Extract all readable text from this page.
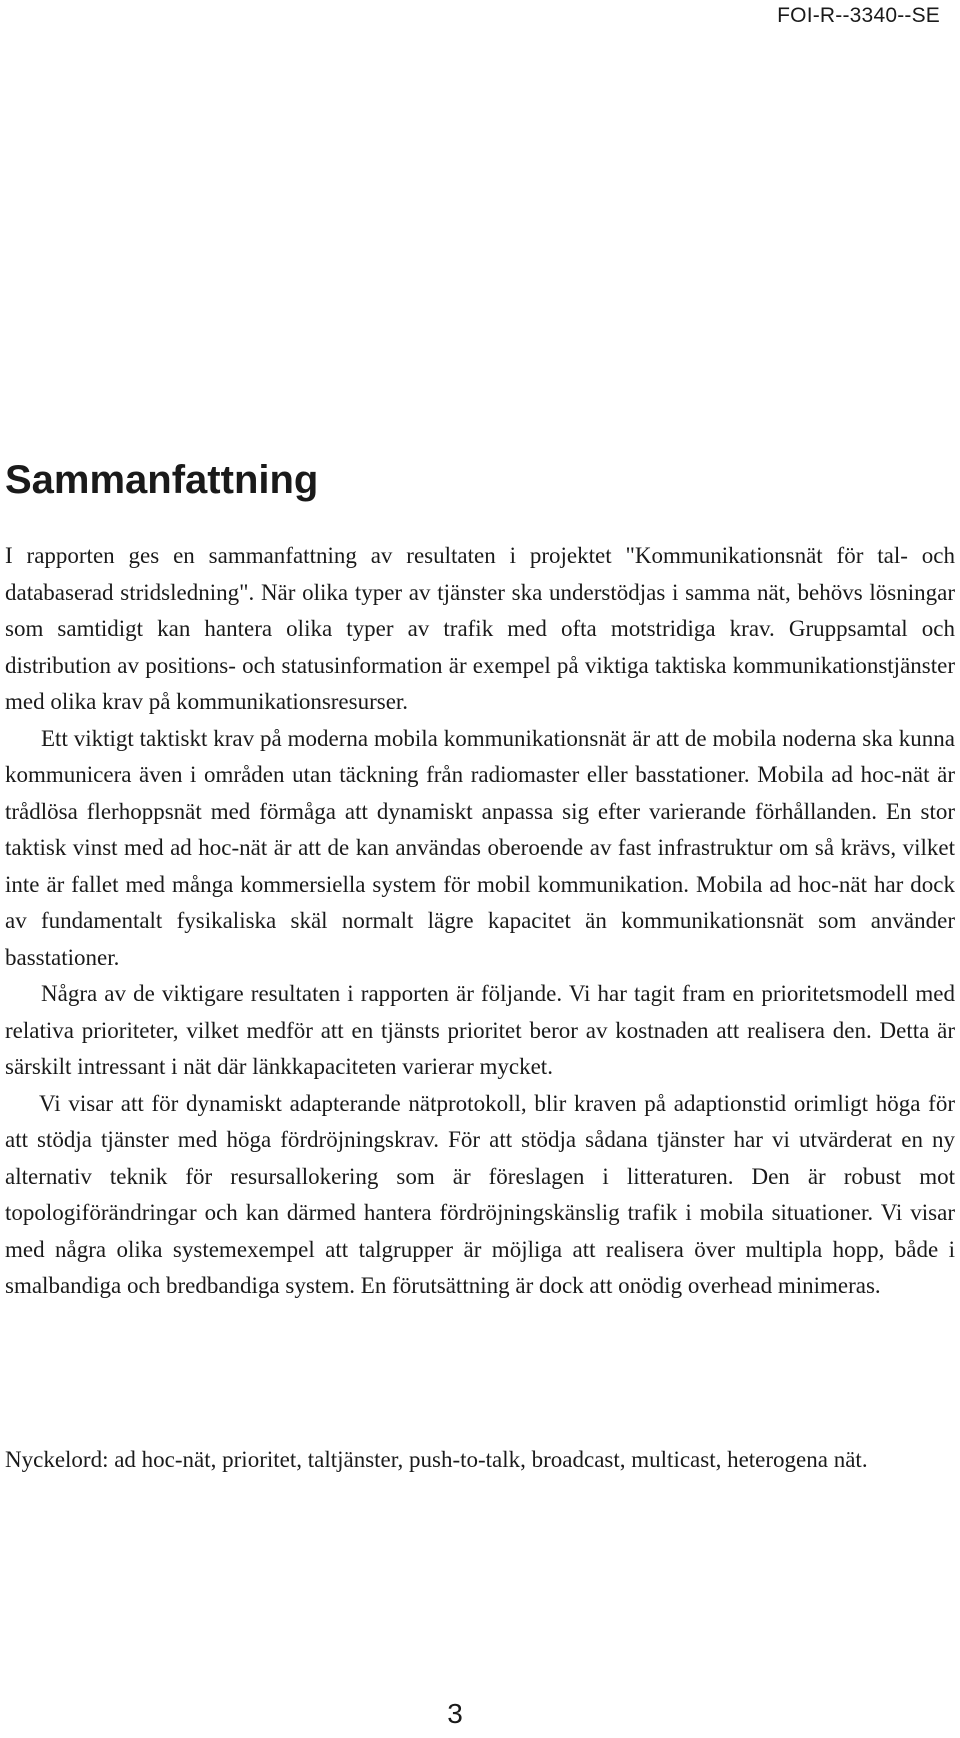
FOI-R--3340--SE
Sammanfattning

I rapporten ges en sammanfattning av resultaten i projektet "Kommunikationsnät för tal- och databaserad stridsledning". När olika typer av tjänster ska understödjas i samma nät, behövs lösningar som samtidigt kan hantera olika typer av trafik med ofta motstridiga krav. Gruppsamtal och distribution av positions- och statusinformation är exempel på viktiga taktiska kommunikationstjänster med olika krav på kommunikationsresurser.

Ett viktigt taktiskt krav på moderna mobila kommunikationsnät är att de mobila noderna ska kunna kommunicera även i områden utan täckning från radiomaster eller basstationer. Mobila ad hoc-nät är trådlösa flerhoppsnät med förmåga att dynamiskt anpassa sig efter varierande förhållanden. En stor taktisk vinst med ad hoc-nät är att de kan användas oberoende av fast infrastruktur om så krävs, vilket inte är fallet med många kommersiella system för mobil kommunikation. Mobila ad hoc-nät har dock av fundamentalt fysikaliska skäl normalt lägre kapacitet än kommunikationsnät som använder basstationer.

Några av de viktigare resultaten i rapporten är följande. Vi har tagit fram en prioritetsmodell med relativa prioriteter, vilket medför att en tjänsts prioritet beror av kostnaden att realisera den. Detta är särskilt intressant i nät där länkkapaciteten varierar mycket.

Vi visar att för dynamiskt adapterande nätprotokoll, blir kraven på adaptionstid orimligt höga för att stödja tjänster med höga fördröjningskrav. För att stödja sådana tjänster har vi utvärderat en ny alternativ teknik för resursallokering som är föreslagen i litteraturen. Den är robust mot topologiförändringar och kan därmed hantera fördröjningskänslig trafik i mobila situationer. Vi visar med några olika systemexempel att talgrupper är möjliga att realisera över multipla hopp, både i smalbandiga och bredbandiga system. En förutsättning är dock att onödig overhead minimeras.

Nyckelord: ad hoc-nät, prioritet, taltjänster, push-to-talk, broadcast, multicast, heterogena nät.

3
